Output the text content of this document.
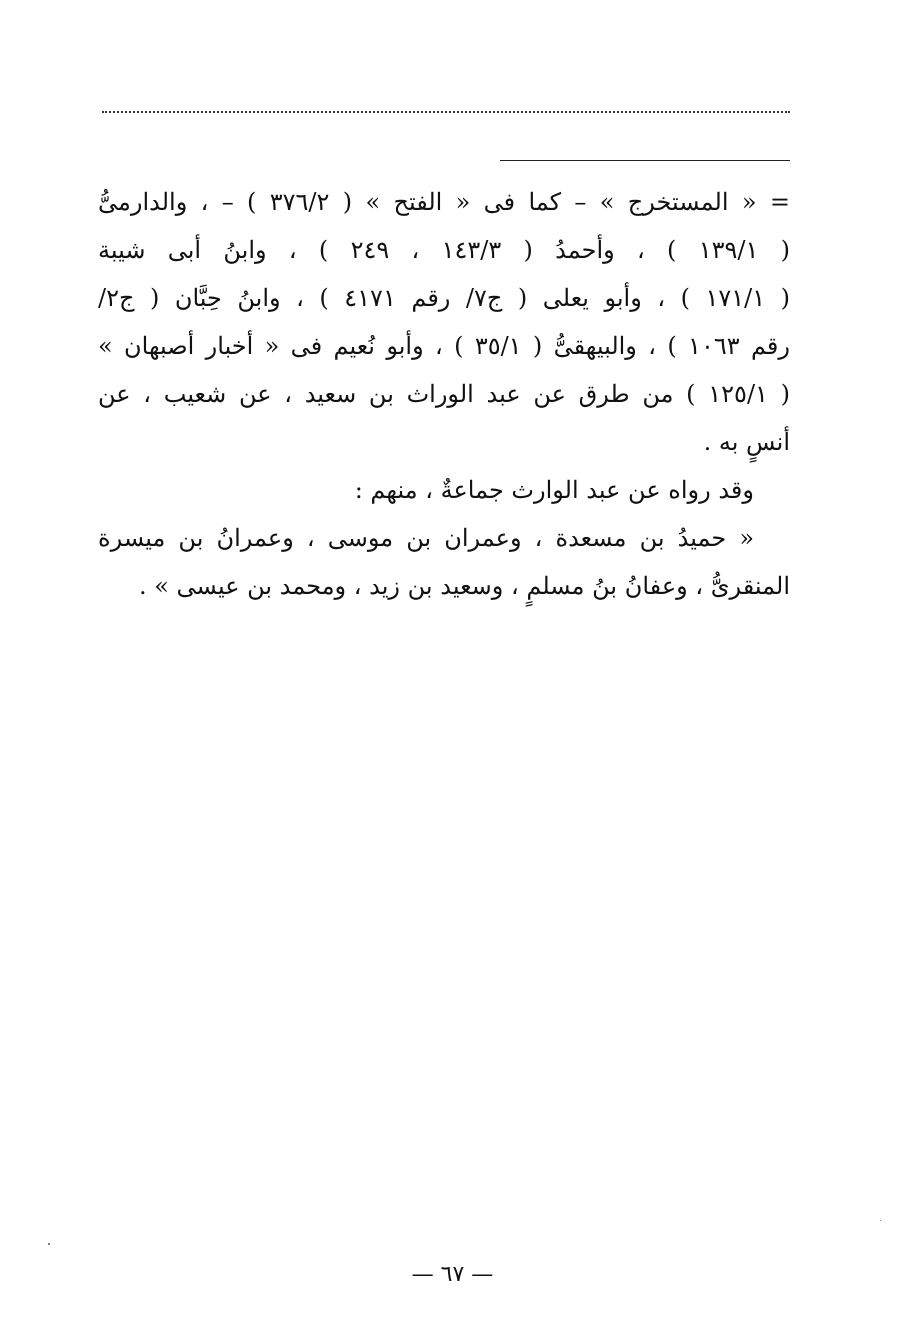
= « المستخرج » – كما فى « الفتح » ( ٣٧٦/٢ ) – ، والدارمىُّ
( ١٣٩/١ ) ، وأحمدُ ( ١٤٣/٣ ، ٢٤٩ ) ، وابنُ أبى شيبة
( ١٧١/١ ) ، وأبو يعلى ( ج٧/ رقم ٤١٧١ ) ، وابنُ حِبَّان ( ج٢/
رقم ١٠٦٣ ) ، والبيهقىُّ ( ٣٥/١ ) ، وأبو نُعيم فى « أخبار أصبهان »
( ١٢٥/١ ) من طرق عن عبد الوراث بن سعيد ، عن شعيب ، عن
أنسٍ به .

وقد رواه عن عبد الوارث جماعةٌ ، منهم :

« حميدُ بن مسعدة ، وعمران بن موسى ، وعمرانُ بن ميسرة
المنقرىُّ ، وعفانُ بنُ مسلمٍ ، وسعيد بن زيد ، ومحمد بن عيسى » .

— ٦٧ —
